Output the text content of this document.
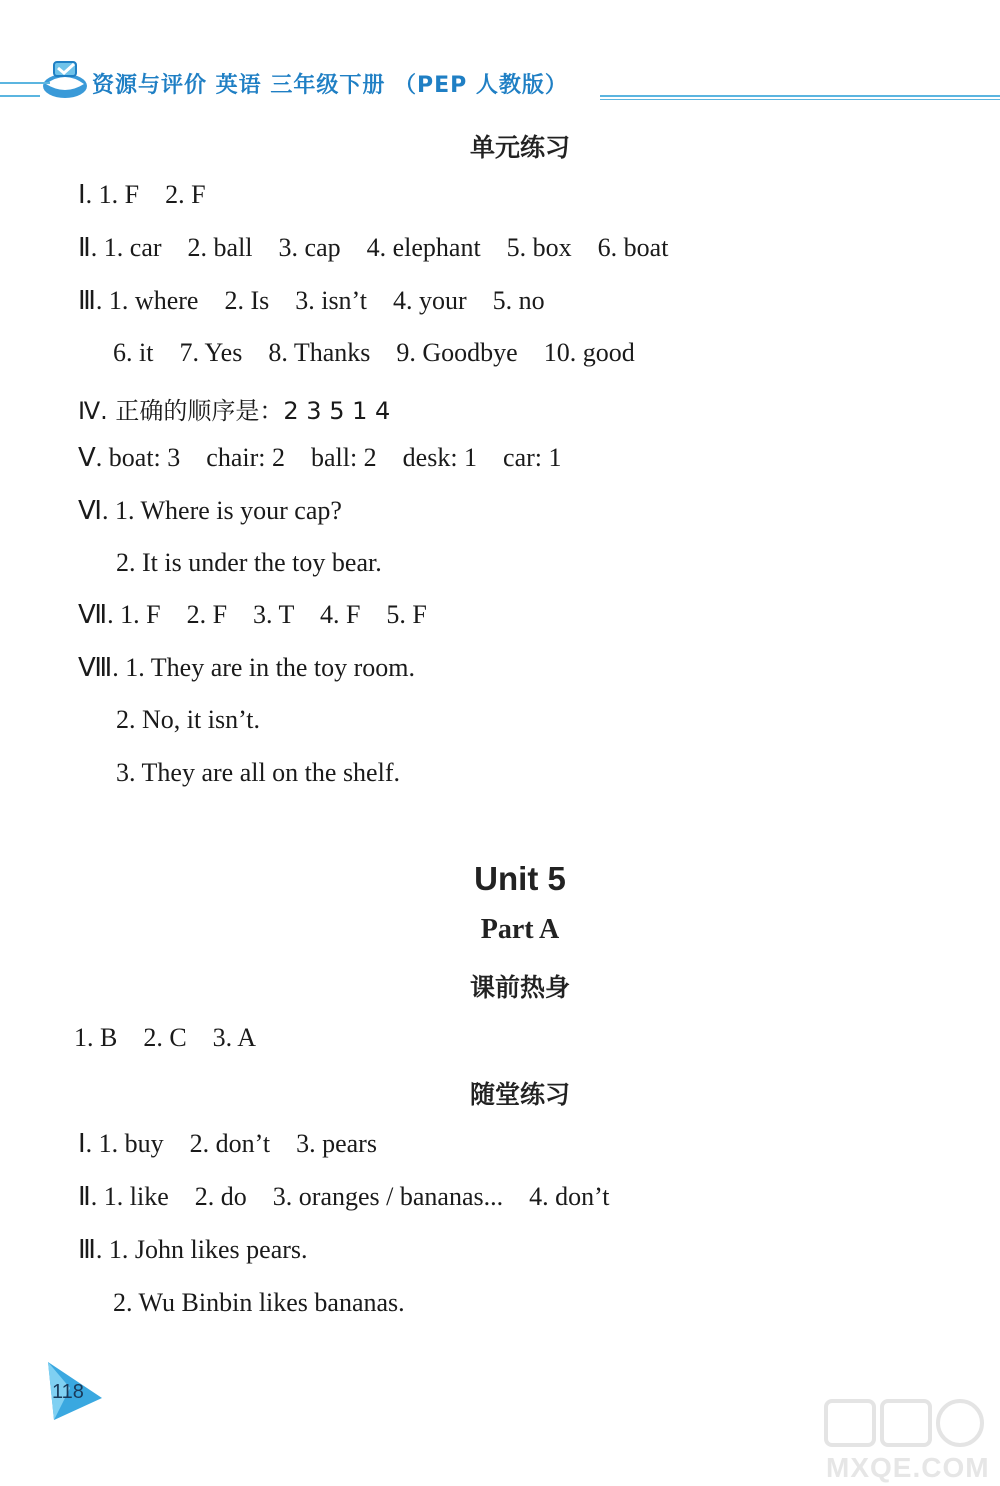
资源与评价 英语 三年级下册 （PEP 人教版）
单元练习
Ⅰ. 1. F    2. F
Ⅱ. 1. car    2. ball    3. cap    4. elephant    5. box    6. boat
Ⅲ. 1. where    2. Is    3. isn’t    4. your    5. no
6. it    7. Yes    8. Thanks    9. Goodbye    10. good
Ⅳ. 正确的顺序是：2 3 5 1 4
Ⅴ. boat: 3    chair: 2    ball: 2    desk: 1    car: 1
Ⅵ. 1. Where is your cap?
2. It is under the toy bear.
Ⅶ. 1. F    2. F    3. T    4. F    5. F
Ⅷ. 1. They are in the toy room.
2. No, it isn’t.
3. They are all on the shelf.
Unit 5
Part A
课前热身
1. B    2. C    3. A
随堂练习
Ⅰ. 1. buy    2. don’t    3. pears
Ⅱ. 1. like    2. do    3. oranges / bananas...    4. don’t
Ⅲ. 1. John likes pears.
2. Wu Binbin likes bananas.
118
MXQE.COM
